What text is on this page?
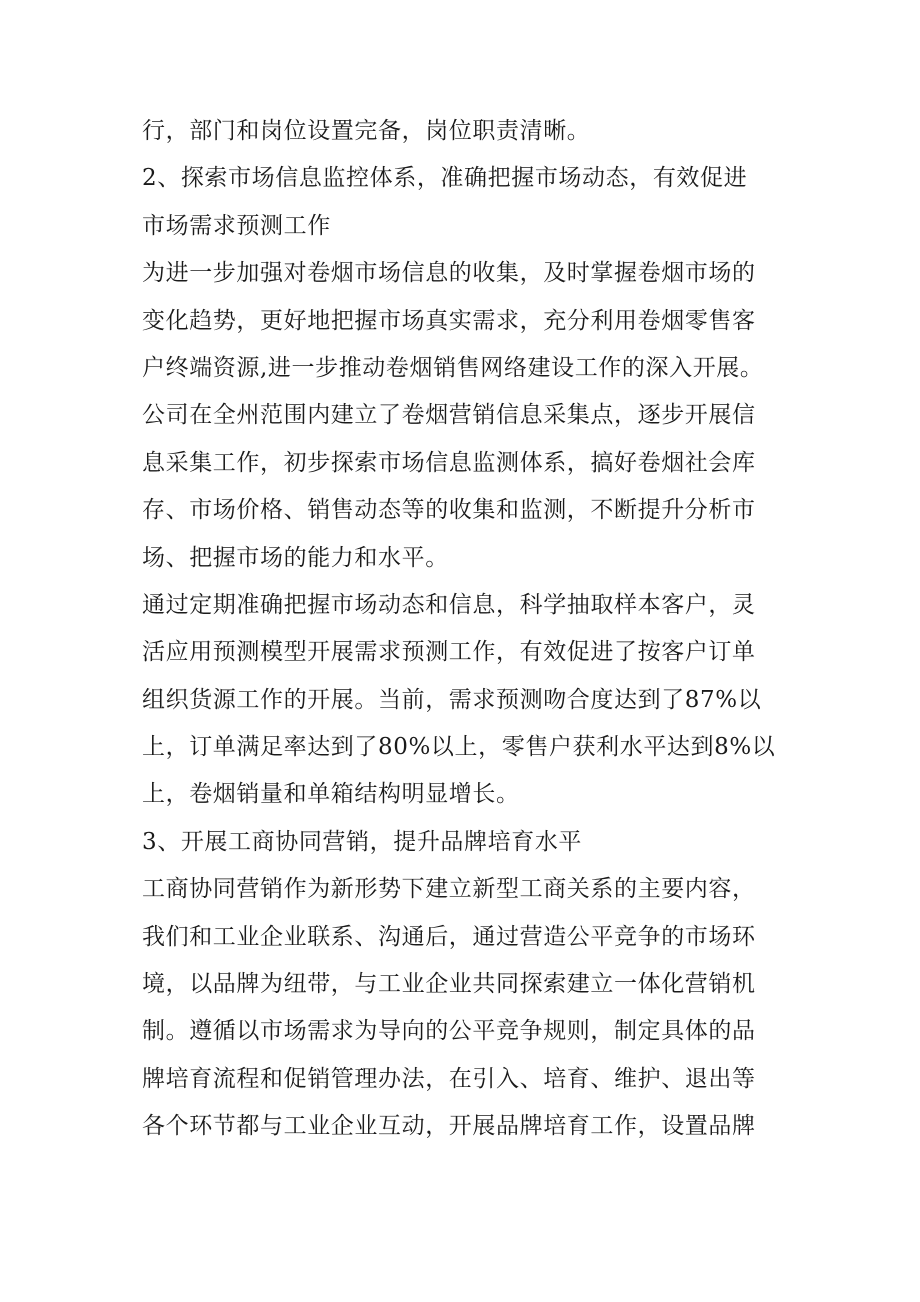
行，部门和岗位设置完备，岗位职责清晰。
2、探索市场信息监控体系，准确把握市场动态，有效促进
市场需求预测工作
为进一步加强对卷烟市场信息的收集，及时掌握卷烟市场的
变化趋势，更好地把握市场真实需求，充分利用卷烟零售客
户终端资源,进一步推动卷烟销售网络建设工作的深入开展。
公司在全州范围内建立了卷烟营销信息采集点，逐步开展信
息采集工作，初步探索市场信息监测体系，搞好卷烟社会库
存、市场价格、销售动态等的收集和监测，不断提升分析市
场、把握市场的能力和水平。
通过定期准确把握市场动态和信息，科学抽取样本客户，灵
活应用预测模型开展需求预测工作，有效促进了按客户订单
组织货源工作的开展。当前，需求预测吻合度达到了87%以
上，订单满足率达到了80%以上，零售户获利水平达到8%以
上，卷烟销量和单箱结构明显增长。
3、开展工商协同营销，提升品牌培育水平
工商协同营销作为新形势下建立新型工商关系的主要内容，
我们和工业企业联系、沟通后，通过营造公平竞争的市场环
境，以品牌为纽带，与工业企业共同探索建立一体化营销机
制。遵循以市场需求为导向的公平竞争规则，制定具体的品
牌培育流程和促销管理办法，在引入、培育、维护、退出等
各个环节都与工业企业互动，开展品牌培育工作，设置品牌
